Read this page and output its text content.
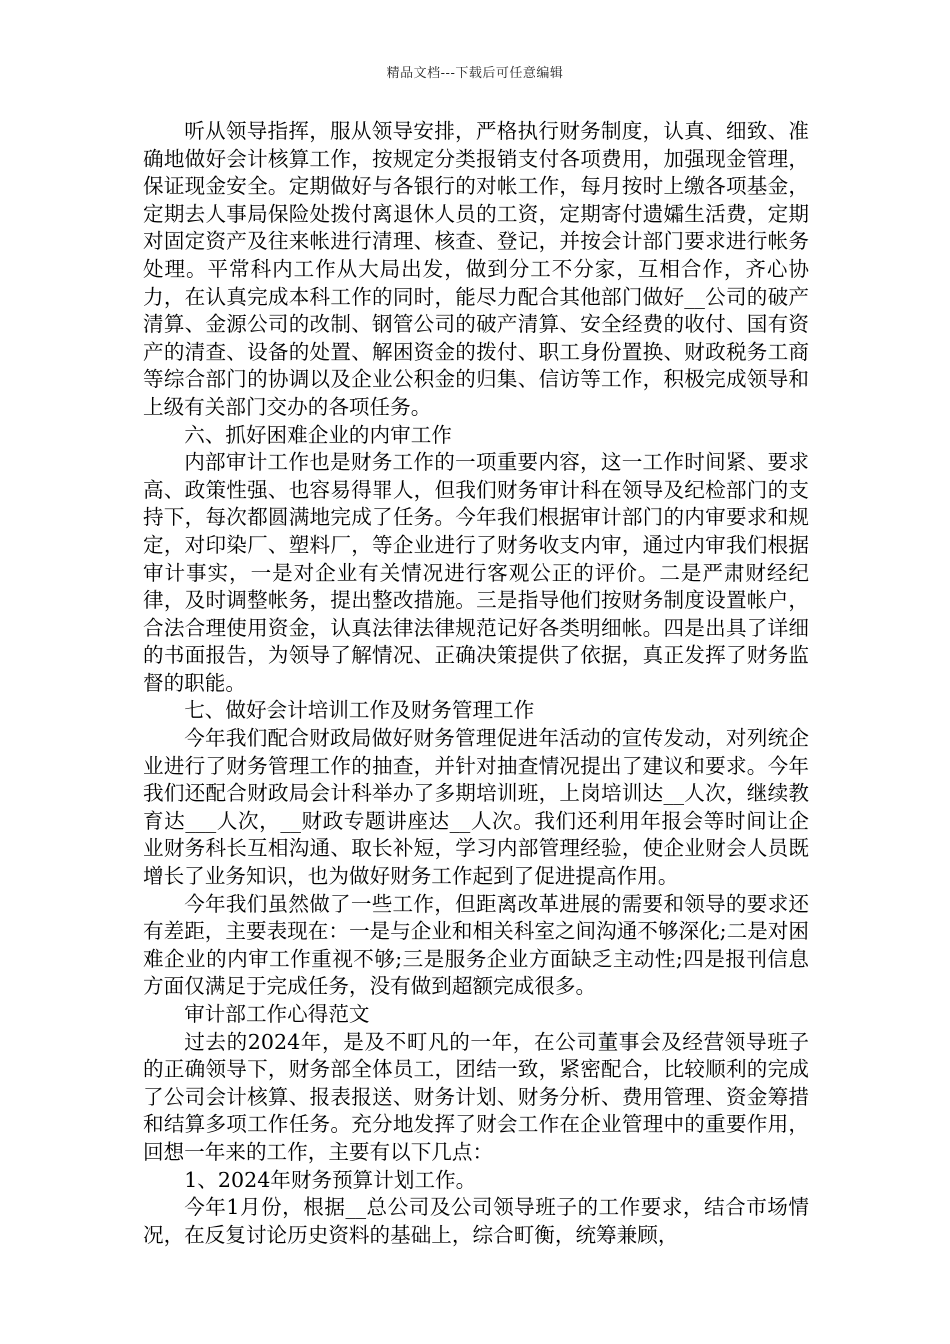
精品文档---下载后可任意编辑

听从领导指挥，服从领导安排，严格执行财务制度，认真、细致、准确地做好会计核算工作，按规定分类报销支付各项费用，加强现金管理，保证现金安全。定期做好与各银行的对帐工作，每月按时上缴各项基金，定期去人事局保险处拨付离退休人员的工资，定期寄付遗孀生活费，定期对固定资产及往来帐进行清理、核查、登记，并按会计部门要求进行帐务处理。平常科内工作从大局出发，做到分工不分家，互相合作，齐心协力，在认真完成本科工作的同时，能尽力配合其他部门做好__公司的破产清算、金源公司的改制、钢管公司的破产清算、安全经费的收付、国有资产的清查、设备的处置、解困资金的拨付、职工身份置换、财政税务工商等综合部门的协调以及企业公积金的归集、信访等工作，积极完成领导和上级有关部门交办的各项任务。

六、抓好困难企业的内审工作

内部审计工作也是财务工作的一项重要内容，这一工作时间紧、要求高、政策性强、也容易得罪人，但我们财务审计科在领导及纪检部门的支持下，每次都圆满地完成了任务。今年我们根据审计部门的内审要求和规定，对印染厂、塑料厂，等企业进行了财务收支内审，通过内审我们根据审计事实，一是对企业有关情况进行客观公正的评价。二是严肃财经纪律，及时调整帐务，提出整改措施。三是指导他们按财务制度设置帐户，合法合理使用资金，认真法律法律规范记好各类明细帐。四是出具了详细的书面报告，为领导了解情况、正确决策提供了依据，真正发挥了财务监督的职能。

七、做好会计培训工作及财务管理工作

今年我们配合财政局做好财务管理促进年活动的宣传发动，对列统企业进行了财务管理工作的抽查，并针对抽查情况提出了建议和要求。今年我们还配合财政局会计科举办了多期培训班，上岗培训达__人次，继续教育达___人次，__财政专题讲座达__人次。我们还利用年报会等时间让企业财务科长互相沟通、取长补短，学习内部管理经验，使企业财会人员既增长了业务知识，也为做好财务工作起到了促进提高作用。

今年我们虽然做了一些工作，但距离改革进展的需要和领导的要求还有差距，主要表现在：一是与企业和相关科室之间沟通不够深化;二是对困难企业的内审工作重视不够;三是服务企业方面缺乏主动性;四是报刊信息方面仅满足于完成任务，没有做到超额完成很多。

审计部工作心得范文

过去的2024年，是及不町凡的一年，在公司董事会及经营领导班子的正确领导下，财务部全体员工，团结一致，紧密配合，比较顺利的完成了公司会计核算、报表报送、财务计划、财务分析、费用管理、资金筹措和结算多项工作任务。充分地发挥了财会工作在企业管理中的重要作用，回想一年来的工作，主要有以下几点：

1、2024年财务预算计划工作。

今年1月份，根据__总公司及公司领导班子的工作要求，结合市场情况，在反复讨论历史资料的基础上，综合町衡，统筹兼顾，
